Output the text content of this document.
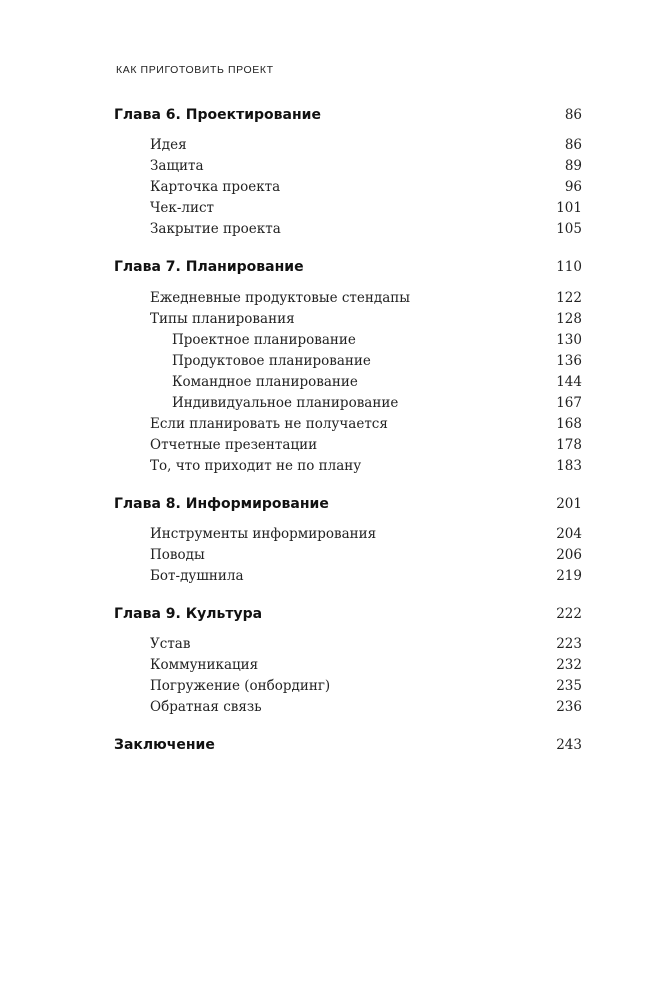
КАК ПРИГОТОВИТЬ ПРОЕКТ
Глава 6. Проектирование	86
Идея	86
Защита	89
Карточка проекта	96
Чек-лист	101
Закрытие проекта	105
Глава 7. Планирование	110
Ежедневные продуктовые стендапы	122
Типы планирования	128
Проектное планирование	130
Продуктовое планирование	136
Командное планирование	144
Индивидуальное планирование	167
Если планировать не получается	168
Отчетные презентации	178
То, что приходит не по плану	183
Глава 8. Информирование	201
Инструменты информирования	204
Поводы	206
Бот-душнила	219
Глава 9. Культура	222
Устав	223
Коммуникация	232
Погружение (онбординг)	235
Обратная связь	236
Заключение	243
